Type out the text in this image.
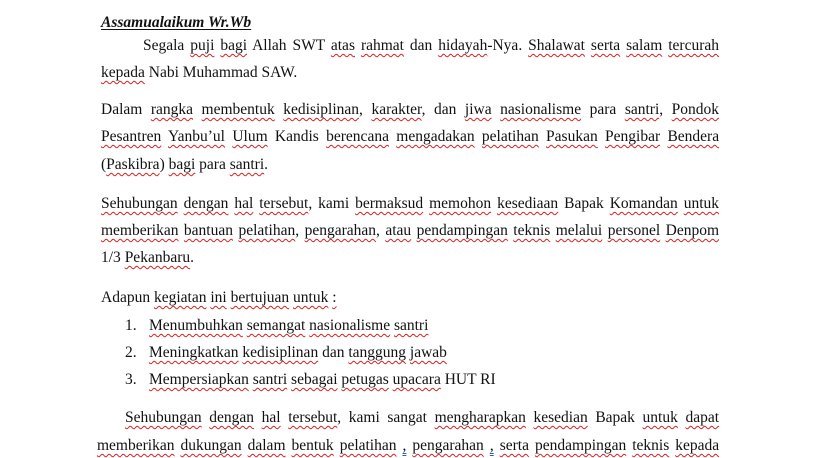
Assamualaikum Wr.Wb
Segala puji bagi Allah SWT atas rahmat dan hidayah-Nya. Shalawat serta salam tercurah
kepada Nabi Muhammad SAW.
Dalam rangka membentuk kedisiplinan, karakter, dan jiwa nasionalisme para santri, Pondok
Pesantren Yanbu’ul Ulum Kandis berencana mengadakan pelatihan Pasukan Pengibar Bendera
(Paskibra) bagi para santri.
Sehubungan dengan hal tersebut, kami bermaksud memohon kesediaan Bapak Komandan untuk
memberikan bantuan pelatihan, pengarahan, atau pendampingan teknis melalui personel Denpom
1/3 Pekanbaru.
Adapun kegiatan ini bertujuan untuk :
1. Menumbuhkan semangat nasionalisme santri
2. Meningkatkan kedisiplinan dan tanggung jawab
3. Mempersiapkan santri sebagai petugas upacara HUT RI
Sehubungan dengan hal tersebut, kami sangat mengharapkan kesedian Bapak untuk dapat
memberikan dukungan dalam bentuk pelatihan , pengarahan , serta pendampingan teknis kepada
